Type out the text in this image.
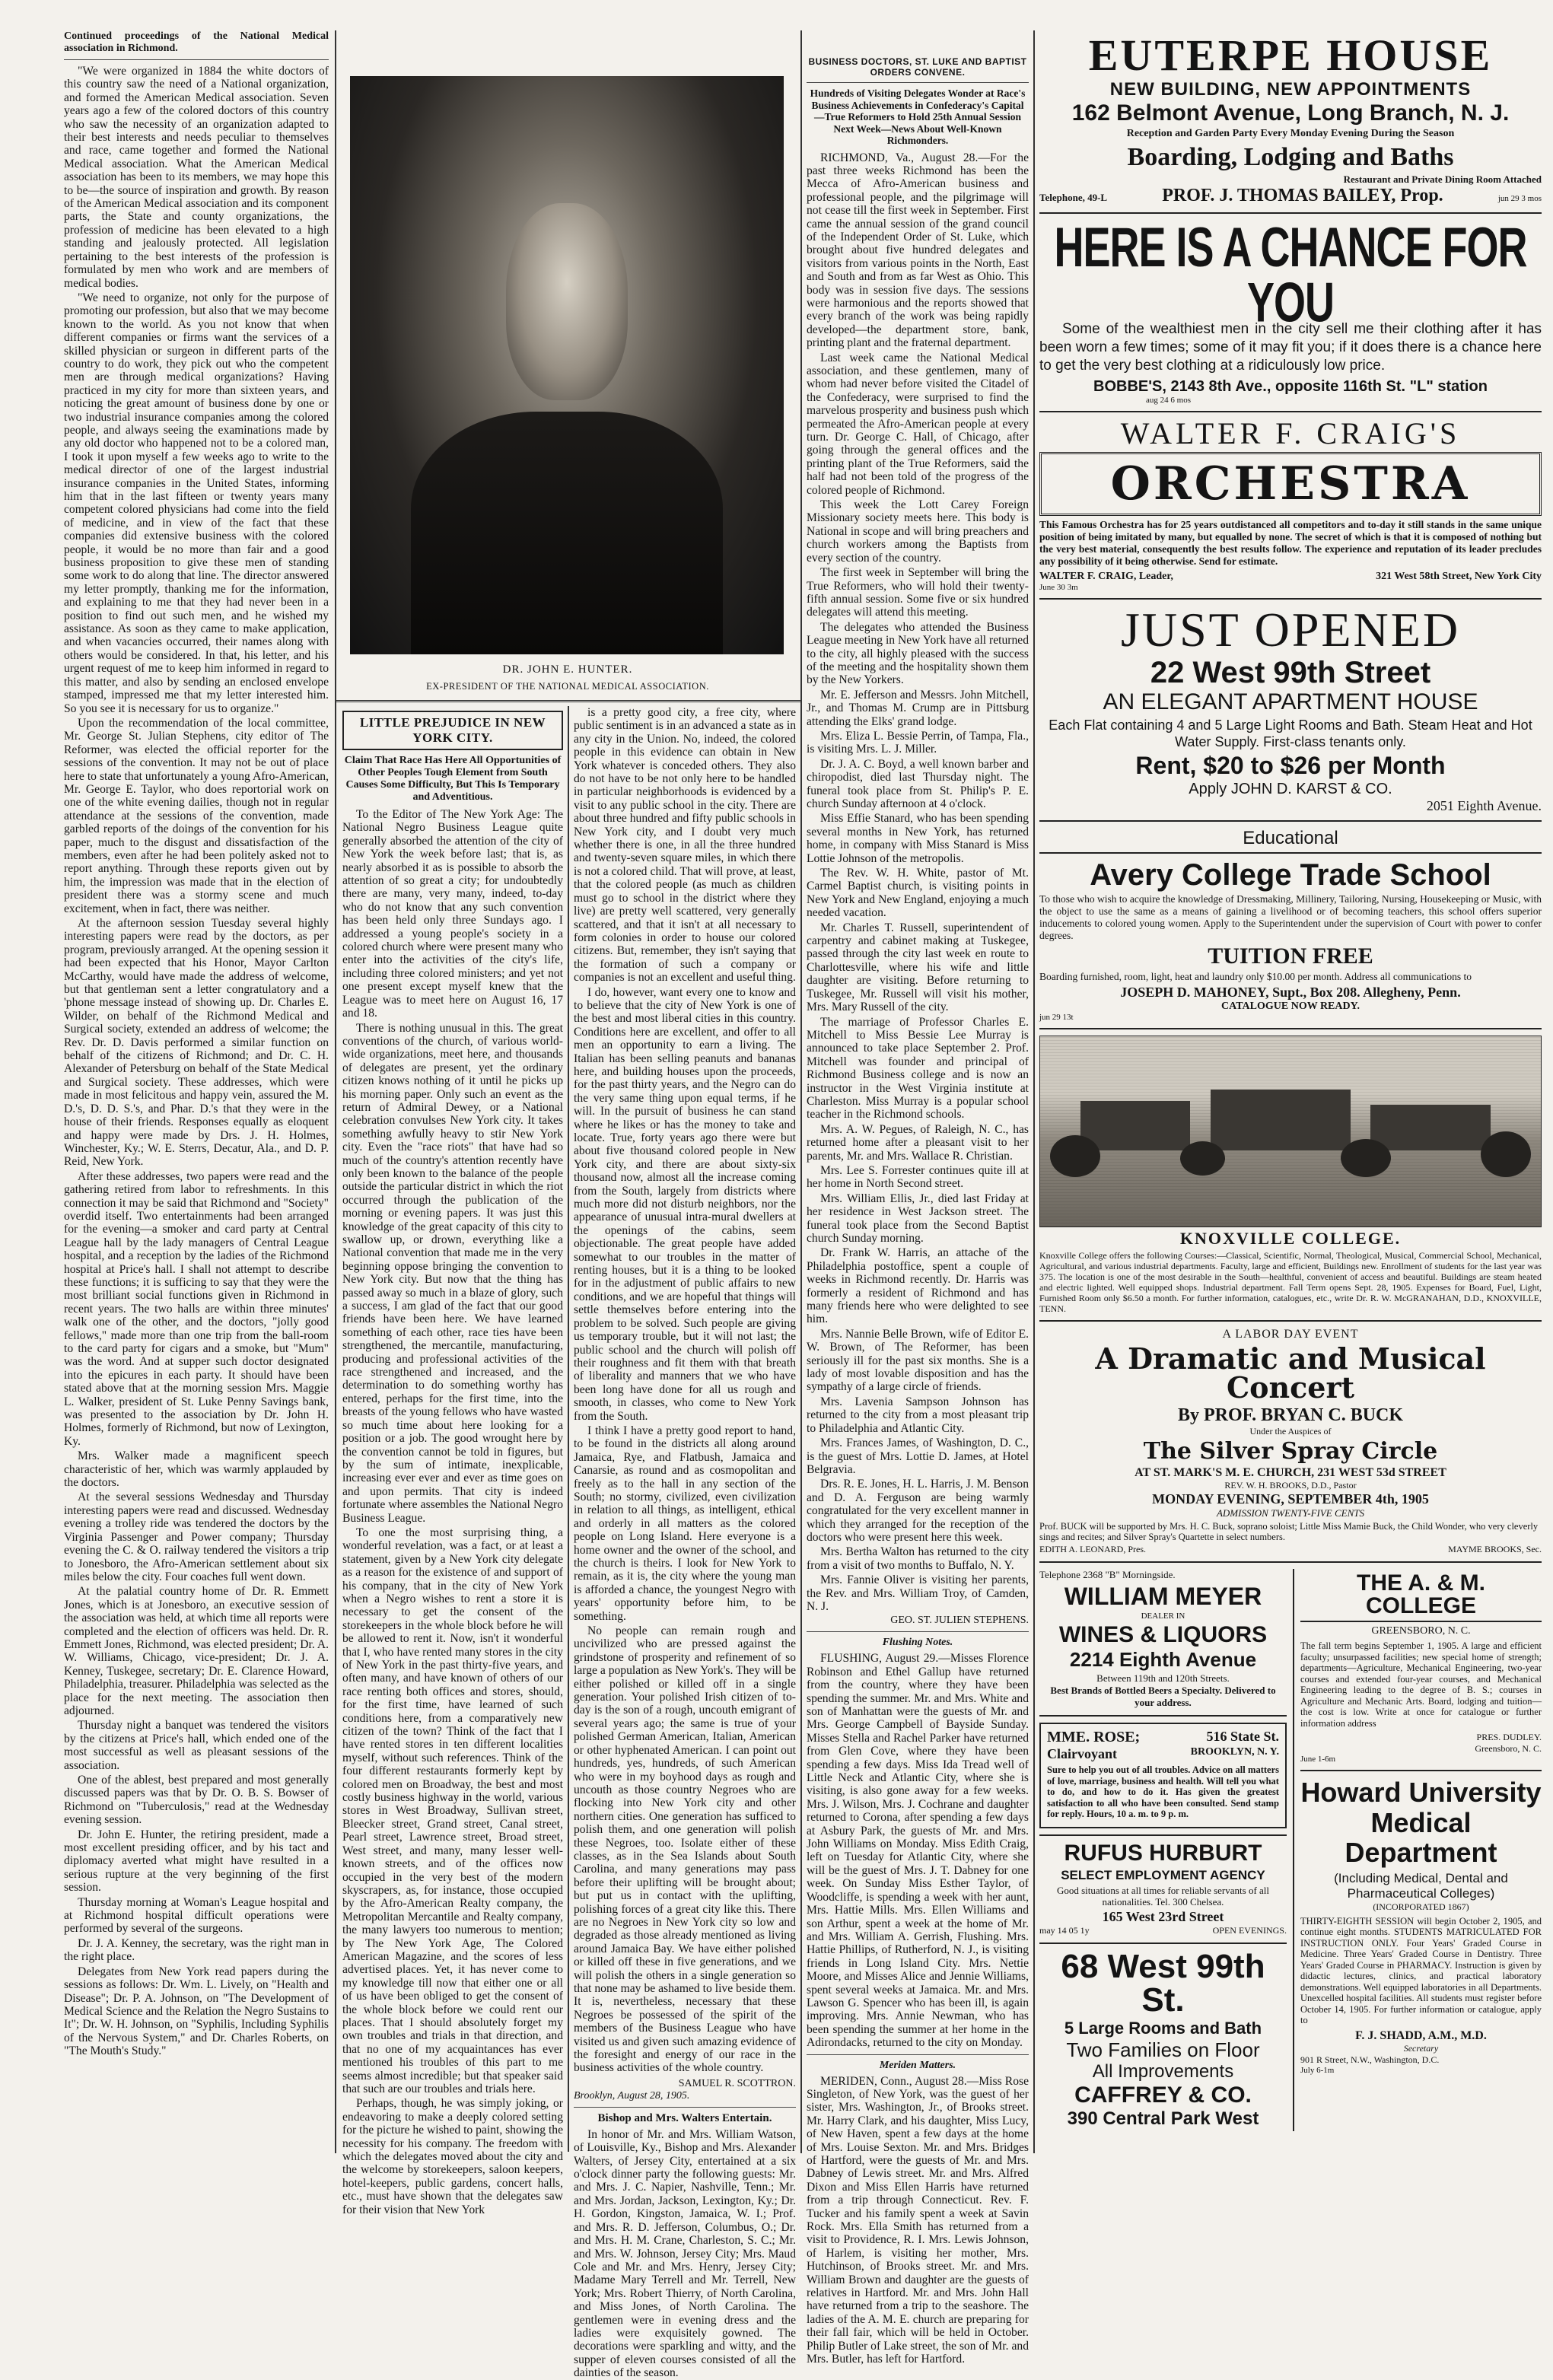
Continued proceedings of the National Medical association in Richmond.

"We were organized in 1884 the white doctors of this country saw the need of a National organization, and formed the American Medical association. Seven years ago a few of the colored doctors of this country who saw the necessity of an organization adapted to their best interests and needs peculiar to themselves and race, came together and formed the National Medical association. What the American Medical association has been to its members, we may hope this to be—the source of inspiration and growth. By reason of the American Medical association and its component parts, the State and county organizations, the profession of medicine has been elevated to a high standing and jealously protected. All legislation pertaining to the best interests of the profession is formulated by men who work and are members of medical bodies.

"We need to organize, not only for the purpose of promoting our profession, but also that we may become known to the world. As you not know that when different companies or firms want the services of a skilled physician or surgeon in different parts of the country to do work, they pick out who the competent men are through medical organizations? Having practiced in my city for more than sixteen years, and noticing the great amount of business done by one or two industrial insurance companies among the colored people, and always seeing the examinations made by any old doctor who happened not to be a colored man, I took it upon myself a few weeks ago to write to the medical director of one of the largest industrial insurance companies in the United States, informing him that in the last fifteen or twenty years many competent colored physicians had come into the field of medicine, and in view of the fact that these companies did extensive business with the colored people, it would be no more than fair and a good business proposition to give these men of standing some work to do along that line. The director answered my letter promptly, thanking me for the information, and explaining to me that they had never been in a position to find out such men, and he wished my assistance. As soon as they came to make application, and when vacancies occurred, their names along with others would be considered. In that, his letter, and his urgent request of me to keep him informed in regard to this matter, and also by sending an enclosed envelope stamped, impressed me that my letter interested him. So you see it is necessary for us to organize."

Upon the recommendation of the local committee, Mr. George St. Julian Stephens, city editor of The Reformer, was elected the official reporter for the sessions of the convention. It may not be out of place here to state that unfortunately a young Afro-American, Mr. George E. Taylor, who does reportorial work on one of the white evening dailies, though not in regular attendance at the sessions of the convention, made garbled reports of the doings of the convention for his paper, much to the disgust and dissatisfaction of the members, even after he had been politely asked not to report anything. Through these reports given out by him, the impression was made that in the election of president there was a stormy scene and much excitement, when in fact, there was neither.

At the afternoon session Tuesday several highly interesting papers were read by the doctors, as per program, previously arranged. At the opening session it had been expected that his Honor, Mayor Carlton McCarthy, would have made the address of welcome, but that gentleman sent a letter congratulatory and a 'phone message instead of showing up. Dr. Charles E. Wilder, on behalf of the Richmond Medical and Surgical society, extended an address of welcome; the Rev. Dr. D. Davis performed a similar function on behalf of the citizens of Richmond; and Dr. C. H. Alexander of Petersburg on behalf of the State Medical and Surgical society. These addresses, which were made in most felicitous and happy vein, assured the M. D.'s, D. D. S.'s, and Phar. D.'s that they were in the house of their friends. Responses equally as eloquent and happy were made by Drs. J. H. Holmes, Winchester, Ky.; W. E. Sterrs, Decatur, Ala., and D. P. Reid, New York.

After these addresses, two papers were read and the gathering retired from labor to refreshments. In this connection it may be said that Richmond and "Society" overdid itself. Two entertainments had been arranged for the evening—a smoker and card party at Central League hall by the lady managers of Central League hospital, and a reception by the ladies of the Richmond hospital at Price's hall. I shall not attempt to describe these functions; it is sufficing to say that they were the most brilliant social functions given in Richmond in recent years. The two halls are within three minutes' walk one of the other, and the doctors, "jolly good fellows," made more than one trip from the ball-room to the card party for cigars and a smoke, but "Mum" was the word. And at supper such doctor designated into the epicures in each party. It should have been stated above that at the morning session Mrs. Maggie L. Walker, president of St. Luke Penny Savings bank, was presented to the association by Dr. John H. Holmes, formerly of Richmond, but now of Lexington, Ky.

Mrs. Walker made a magnificent speech characteristic of her, which was warmly applauded by the doctors.

At the several sessions Wednesday and Thursday interesting papers were read and discussed. Wednesday evening a trolley ride was tendered the doctors by the Virginia Passenger and Power company; Thursday evening the C. & O. railway tendered the visitors a trip to Jonesboro, the Afro-American settlement about six miles below the city. Four coaches full went down.

At the palatial country home of Dr. R. Emmett Jones, which is at Jonesboro, an executive session of the association was held, at which time all reports were completed and the election of officers was held. Dr. R. Emmett Jones, Richmond, was elected president; Dr. A. W. Williams, Chicago, vice-president; Dr. J. A. Kenney, Tuskegee, secretary; Dr. E. Clarence Howard, Philadelphia, treasurer. Philadelphia was selected as the place for the next meeting. The association then adjourned.

Thursday night a banquet was tendered the visitors by the citizens at Price's hall, which ended one of the most successful as well as pleasant sessions of the association.

One of the ablest, best prepared and most generally discussed papers was that by Dr. O. B. S. Bowser of Richmond on "Tuberculosis," read at the Wednesday evening session.

Dr. John E. Hunter, the retiring president, made a most excellent presiding officer, and by his tact and diplomacy averted what might have resulted in a serious rupture at the very beginning of the first session.

Thursday morning at Woman's League hospital and at Richmond hospital difficult operations were performed by several of the surgeons.

Dr. J. A. Kenney, the secretary, was the right man in the right place.

Delegates from New York read papers during the sessions as follows: Dr. Wm. L. Lively, on "Health and Disease"; Dr. P. A. Johnson, on "The Development of Medical Science and the Relation the Negro Sustains to It"; Dr. W. H. Johnson, on "Syphilis, Including Syphilis of the Nervous System," and Dr. Charles Roberts, on "The Mouth's Study."

DR. JOHN E. HUNTER.
EX-PRESIDENT OF THE NATIONAL MEDICAL ASSOCIATION.
LITTLE PREJUDICE IN NEW YORK CITY.

Claim That Race Has Here All Opportunities of Other Peoples Tough Element from South Causes Some Difficulty, But This Is Temporary and Adventitious.

To the Editor of The New York Age: The National Negro Business League quite generally absorbed the attention of the city of New York the week before last; that is, as nearly absorbed it as is possible to absorb the attention of so great a city; for undoubtedly there are many, very many, indeed, to-day who do not know that any such convention has been held only three Sundays ago. I addressed a young people's society in a colored church where were present many who enter into the activities of the city's life, including three colored ministers; and yet not one present except myself knew that the League was to meet here on August 16, 17 and 18.

There is nothing unusual in this. The great conventions of the church, of various world-wide organizations, meet here, and thousands of delegates are present, yet the ordinary citizen knows nothing of it until he picks up his morning paper. Only such an event as the return of Admiral Dewey, or a National celebration convulses New York city. It takes something awfully heavy to stir New York city. Even the "race riots" that have had so much of the country's attention recently have only been known to the balance of the people outside the particular district in which the riot occurred through the publication of the morning or evening papers. It was just this knowledge of the great capacity of this city to swallow up, or drown, everything like a National convention that made me in the very beginning oppose bringing the convention to New York city. But now that the thing has passed away so much in a blaze of glory, such a success, I am glad of the fact that our good friends have been here. We have learned something of each other, race ties have been strengthened, the mercantile, manufacturing, producing and professional activities of the race strengthened and increased, and the determination to do something worthy has entered, perhaps for the first time, into the breasts of the young fellows who have wasted so much time about here looking for a position or a job. The good wrought here by the convention cannot be told in figures, but by the sum of intimate, inexplicable, increasing ever ever and ever as time goes on and upon permits. That city is indeed fortunate where assembles the National Negro Business League.

To one the most surprising thing, a wonderful revelation, was a fact, or at least a statement, given by a New York city delegate as a reason for the existence of and support of his company, that in the city of New York when a Negro wishes to rent a store it is necessary to get the consent of the storekeepers in the whole block before he will be allowed to rent it. Now, isn't it wonderful that I, who have rented many stores in the city of New York in the past thirty-five years, and often many, and have known of others of our race renting both offices and stores, should, for the first time, have learned of such conditions here, from a comparatively new citizen of the town? Think of the fact that I have rented stores in ten different localities myself, without such references. Think of the four different restaurants formerly kept by colored men on Broadway, the best and most costly business highway in the world, various stores in West Broadway, Sullivan street, Bleecker street, Grand street, Canal street, Pearl street, Lawrence street, Broad street, West street, and many, many lesser well-known streets, and of the offices now occupied in the very best of the modern skyscrapers, as, for instance, those occupied by the Afro-American Realty company, the Metropolitan Mercantile and Realty company, the many lawyers too numerous to mention; by The New York Age, The Colored American Magazine, and the scores of less advertised places. Yet, it has never come to my knowledge till now that either one or all of us have been obliged to get the consent of the whole block before we could rent our places. That I should absolutely forget my own troubles and trials in that direction, and that no one of my acquaintances has ever mentioned his troubles of this part to me seems almost incredible; but that speaker said that such are our troubles and trials here.

Perhaps, though, he was simply joking, or endeavoring to make a deeply colored setting for the picture he wished to paint, showing the necessity for his company. The freedom with which the delegates moved about the city and the welcome by storekeepers, saloon keepers, hotel-keepers, public gardens, concert halls, etc., must have shown that the delegates saw for their vision that New York

is a pretty good city, a free city, where public sentiment is in an advanced a state as in any city in the Union. No, indeed, the colored people in this evidence can obtain in New York whatever is conceded others. They also do not have to be not only here to be handled in particular neighborhoods is evidenced by a visit to any public school in the city. There are about three hundred and fifty public schools in New York city, and I doubt very much whether there is one, in all the three hundred and twenty-seven square miles, in which there is not a colored child. That will prove, at least, that the colored people (as much as children must go to school in the district where they live) are pretty well scattered, very generally scattered, and that it isn't at all necessary to form colonies in order to house our colored citizens. But, remember, they isn't saying that the formation of such a company or companies is not an excellent and useful thing.

I do, however, want every one to know and to believe that the city of New York is one of the best and most liberal cities in this country. Conditions here are excellent, and offer to all men an opportunity to earn a living. The Italian has been selling peanuts and bananas here, and building houses upon the proceeds, for the past thirty years, and the Negro can do the very same thing upon equal terms, if he will. In the pursuit of business he can stand where he likes or has the money to take and locate. True, forty years ago there were but about five thousand colored people in New York city, and there are about sixty-six thousand now, almost all the increase coming from the South, largely from districts where much more did not disturb neighbors, nor the appearance of unusual intra-mural dwellers at the openings of the cabins, seem objectionable. The great people have added somewhat to our troubles in the matter of renting houses, but it is a thing to be looked for in the adjustment of public affairs to new conditions, and we are hopeful that things will settle themselves before entering into the problem to be solved. Such people are giving us temporary trouble, but it will not last; the public school and the church will polish off their roughness and fit them with that breath of liberality and manners that we who have been long have done for all us rough and smooth, in classes, who come to New York from the South.

I think I have a pretty good report to hand, to be found in the districts all along around Jamaica, Rye, and Flatbush, Jamaica and Canarsie, as round and as cosmopolitan and freely as to the hall in any section of the South; no stormy, civilized, even civilization in relation to all things, as intelligent, ethical and orderly in all matters as the colored people on Long Island. Here everyone is a home owner and the owner of the school, and the church is theirs. I look for New York to remain, as it is, the city where the young man is afforded a chance, the youngest Negro with years' opportunity before him, to be something.

No people can remain rough and uncivilized who are pressed against the grindstone of prosperity and refinement of so large a population as New York's. They will be either polished or killed off in a single generation. Your polished Irish citizen of to-day is the son of a rough, uncouth emigrant of several years ago; the same is true of your polished German American, Italian, American or other hyphenated American. I can point out hundreds, yes, hundreds, of such American who were in my boyhood days as rough and uncouth as those country Negroes who are flocking into New York city and other northern cities. One generation has sufficed to polish them, and one generation will polish these Negroes, too. Isolate either of these classes, as in the Sea Islands about South Carolina, and many generations may pass before their uplifting will be brought about; but put us in contact with the uplifting, polishing forces of a great city like this. There are no Negroes in New York city so low and degraded as those already mentioned as living around Jamaica Bay. We have either polished or killed off these in five generations, and we will polish the others in a single generation so that none may be ashamed to live beside them. It is, nevertheless, necessary that these Negroes be possessed of the spirit of the members of the Business League who have visited us and given such amazing evidence of the foresight and energy of our race in the business activities of the whole country.

SAMUEL R. SCOTTRON.
Brooklyn, August 28, 1905.
Bishop and Mrs. Walters Entertain.

In honor of Mr. and Mrs. William Watson, of Louisville, Ky., Bishop and Mrs. Alexander Walters, of Jersey City, entertained at a six o'clock dinner party the following guests: Mr. and Mrs. J. C. Napier, Nashville, Tenn.; Mr. and Mrs. Jordan, Jackson, Lexington, Ky.; Dr. H. Gordon, Kingston, Jamaica, W. I.; Prof. and Mrs. R. D. Jefferson, Columbus, O.; Dr. and Mrs. H. M. Crane, Charleston, S. C.; Mr. and Mrs. W. Johnson, Jersey City; Mrs. Maud Cole and Mr. and Mrs. Henry, Jersey City; Madame Mary Terrell and Mr. Terrell, New York; Mrs. Robert Thierry, of North Carolina, and Miss Jones, of North Carolina. The gentlemen were in evening dress and the ladies were exquisitely gowned. The decorations were sparkling and witty, and the supper of eleven courses consisted of all the dainties of the season.

BUSINESS DOCTORS, ST. LUKE AND BAPTIST ORDERS CONVENE.

Hundreds of Visiting Delegates Wonder at Race's Business Achievements in Confederacy's Capital—True Reformers to Hold 25th Annual Session Next Week—News About Well-Known Richmonders.

RICHMOND, Va., August 28.—For the past three weeks Richmond has been the Mecca of Afro-American business and professional people, and the pilgrimage will not cease till the first week in September. First came the annual session of the grand council of the Independent Order of St. Luke, which brought about five hundred delegates and visitors from various points in the North, East and South and from as far West as Ohio. This body was in session five days. The sessions were harmonious and the reports showed that every branch of the work was being rapidly developed—the department store, bank, printing plant and the fraternal department.

Last week came the National Medical association, and these gentlemen, many of whom had never before visited the Citadel of the Confederacy, were surprised to find the marvelous prosperity and business push which permeated the Afro-American people at every turn. Dr. George C. Hall, of Chicago, after going through the general offices and the printing plant of the True Reformers, said the half had not been told of the progress of the colored people of Richmond.

This week the Lott Carey Foreign Missionary society meets here. This body is National in scope and will bring preachers and church workers among the Baptists from every section of the country.

The first week in September will bring the True Reformers, who will hold their twenty-fifth annual session. Some five or six hundred delegates will attend this meeting.

The delegates who attended the Business League meeting in New York have all returned to the city, all highly pleased with the success of the meeting and the hospitality shown them by the New Yorkers.

Mr. E. Jefferson and Messrs. John Mitchell, Jr., and Thomas M. Crump are in Pittsburg attending the Elks' grand lodge.

Mrs. Eliza L. Bessie Perrin, of Tampa, Fla., is visiting Mrs. L. J. Miller.

Dr. J. A. C. Boyd, a well known barber and chiropodist, died last Thursday night. The funeral took place from St. Philip's P. E. church Sunday afternoon at 4 o'clock.

Miss Effie Stanard, who has been spending several months in New York, has returned home, in company with Miss Stanard is Miss Lottie Johnson of the metropolis.

The Rev. W. H. White, pastor of Mt. Carmel Baptist church, is visiting points in New York and New England, enjoying a much needed vacation.

Mr. Charles T. Russell, superintendent of carpentry and cabinet making at Tuskegee, passed through the city last week en route to Charlottesville, where his wife and little daughter are visiting. Before returning to Tuskegee, Mr. Russell will visit his mother, Mrs. Mary Russell of the city.

The marriage of Professor Charles E. Mitchell to Miss Bessie Lee Murray is announced to take place September 2. Prof. Mitchell was founder and principal of Richmond Business college and is now an instructor in the West Virginia institute at Charleston. Miss Murray is a popular school teacher in the Richmond schools.

Mrs. A. W. Pegues, of Raleigh, N. C., has returned home after a pleasant visit to her parents, Mr. and Mrs. Wallace R. Christian.

Mrs. Lee S. Forrester continues quite ill at her home in North Second street.

Mrs. William Ellis, Jr., died last Friday at her residence in West Jackson street. The funeral took place from the Second Baptist church Sunday morning.

Dr. Frank W. Harris, an attache of the Philadelphia postoffice, spent a couple of weeks in Richmond recently. Dr. Harris was formerly a resident of Richmond and has many friends here who were delighted to see him.

Mrs. Nannie Belle Brown, wife of Editor E. W. Brown, of The Reformer, has been seriously ill for the past six months. She is a lady of most lovable disposition and has the sympathy of a large circle of friends.

Mrs. Lavenia Sampson Johnson has returned to the city from a most pleasant trip to Philadelphia and Atlantic City.

Mrs. Frances James, of Washington, D. C., is the guest of Mrs. Lottie D. James, at Hotel Belgravia.

Drs. R. E. Jones, H. L. Harris, J. M. Benson and D. A. Ferguson are being warmly congratulated for the very excellent manner in which they arranged for the reception of the doctors who were present here this week.

Mrs. Bertha Walton has returned to the city from a visit of two months to Buffalo, N. Y.

Mrs. Fannie Oliver is visiting her parents, the Rev. and Mrs. William Troy, of Camden, N. J.

GEO. ST. JULIEN STEPHENS.
Flushing Notes.

FLUSHING, August 29.—Misses Florence Robinson and Ethel Gallup have returned from the country, where they have been spending the summer. Mr. and Mrs. White and son of Manhattan were the guests of Mr. and Mrs. George Campbell of Bayside Sunday. Misses Stella and Rachel Parker have returned from Glen Cove, where they have been spending a few days. Miss Ida Tread well of Little Neck and Atlantic City, where she is visiting, is also gone away for a few weeks. Mrs. J. Wilson, Mrs. J. Cochrane and daughter returned to Corona, after spending a few days at Asbury Park, the guests of Mr. and Mrs. John Williams on Monday. Miss Edith Craig, left on Tuesday for Atlantic City, where she will be the guest of Mrs. J. T. Dabney for one week. On Sunday Miss Esther Taylor, of Woodcliffe, is spending a week with her aunt, Mrs. Hattie Mills. Mrs. Ellen Williams and son Arthur, spent a week at the home of Mr. and Mrs. William A. Gerrish, Flushing. Mrs. Hattie Phillips, of Rutherford, N. J., is visiting friends in Long Island City. Mrs. Nettie Moore, and Misses Alice and Jennie Williams, spent several weeks at Jamaica. Mr. and Mrs. Lawson G. Spencer who has been ill, is again improving. Mrs. Annie Newman, who has been spending the summer at her home in the Adirondacks, returned to the city on Monday.

Meriden Matters.

MERIDEN, Conn., August 28.—Miss Rose Singleton, of New York, was the guest of her sister, Mrs. Washington, Jr., of Brooks street. Mr. Harry Clark, and his daughter, Miss Lucy, of New Haven, spent a few days at the home of Mrs. Louise Sexton. Mr. and Mrs. Bridges of Hartford, were the guests of Mr. and Mrs. Dabney of Lewis street. Mr. and Mrs. Alfred Dixon and Miss Ellen Harris have returned from a trip through Connecticut. Rev. F. Tucker and his family spent a week at Savin Rock. Mrs. Ella Smith has returned from a visit to Providence, R. I. Mrs. Lewis Johnson, of Harlem, is visiting her mother, Mrs. Hutchinson, of Brooks street. Mr. and Mrs. William Brown and daughter are the guests of relatives in Hartford. Mr. and Mrs. John Hall have returned from a trip to the seashore. The ladies of the A. M. E. church are preparing for their fall fair, which will be held in October. Philip Butler of Lake street, the son of Mr. and Mrs. Butler, has left for Hartford.

EUTERPE HOUSE
NEW BUILDING, NEW APPOINTMENTS
162 Belmont Avenue, Long Branch, N. J.
Reception and Garden Party Every Monday Evening During the Season
Boarding, Lodging and Baths
Restaurant and Private Dining Room Attached
Telephone, 49-L	PROF. J. THOMAS BAILEY, Prop.	jun 29 3 mos
HERE IS A CHANCE FOR YOU

Some of the wealthiest men in the city sell me their clothing after it has been worn a few times; some of it may fit you; if it does there is a chance here to get the very best clothing at a ridiculously low price.

BOBBE'S, 2143 8th Ave., opposite 116th St. "L" station
aug 24 6 mos
WALTER F. CRAIG'S
ORCHESTRA

This Famous Orchestra has for 25 years outdistanced all competitors and to-day it still stands in the same unique position of being imitated by many, but equalled by none. The secret of which is that it is composed of nothing but the very best material, consequently the best results follow. The experience and reputation of its leader precludes any possibility of it being otherwise. Send for estimate.

WALTER F. CRAIG, Leader,	321 West 58th Street, New York City
June 30 3m
JUST OPENED
22 West 99th Street
AN ELEGANT APARTMENT HOUSE

Each Flat containing 4 and 5 Large Light Rooms and Bath. Steam Heat and Hot Water Supply. First-class tenants only.

Rent, $20 to $26 per Month
Apply JOHN D. KARST & CO.
2051 Eighth Avenue.
Educational
Avery College Trade School

To those who wish to acquire the knowledge of Dressmaking, Millinery, Tailoring, Nursing, Housekeeping or Music, with the object to use the same as a means of gaining a livelihood or of becoming teachers, this school offers superior inducements to colored young women. Apply to the Superintendent under the supervision of Court with power to confer degrees.

TUITION FREE

Boarding furnished, room, light, heat and laundry only $10.00 per month. Address all communications to

JOSEPH D. MAHONEY, Supt., Box 208. Allegheny, Penn.
CATALOGUE NOW READY.
jun 29 13t
KNOXVILLE COLLEGE.

Knoxville College offers the following Courses:—Classical, Scientific, Normal, Theological, Musical, Commercial School, Mechanical, Agricultural, and various industrial departments. Faculty, large and efficient, Buildings new. Enrollment of students for the last year was 375. The location is one of the most desirable in the South—healthful, convenient of access and beautiful. Buildings are steam heated and electric lighted. Well equipped shops. Industrial department. Fall Term opens Sept. 28, 1905. Expenses for Board, Fuel, Light, Furnished Room only $6.50 a month. For further information, catalogues, etc., write Dr. R. W. McGRANAHAN, D.D., KNOXVILLE, TENN.

A LABOR DAY EVENT
A Dramatic and Musical Concert
By PROF. BRYAN C. BUCK
Under the Auspices of
The Silver Spray Circle
AT ST. MARK'S M. E. CHURCH, 231 WEST 53d STREET
REV. W. H. BROOKS, D.D., Pastor
MONDAY EVENING, SEPTEMBER 4th, 1905
ADMISSION TWENTY-FIVE CENTS

Prof. BUCK will be supported by Mrs. H. C. Buck, soprano soloist; Little Miss Mamie Buck, the Child Wonder, who very cleverly sings and recites; and Silver Spray's Quartette in select numbers.

EDITH A. LEONARD, Pres.	MAYME BROOKS, Sec.
Telephone 2368 "B" Morningside.
WILLIAM MEYER
DEALER IN
WINES & LIQUORS
2214 Eighth Avenue
Between 119th and 120th Streets.
Best Brands of Bottled Beers a Specialty. Delivered to your address.
MME. ROSE;	516 State St.
Clairvoyant	BROOKLYN, N. Y.

Sure to help you out of all troubles. Advice on all matters of love, marriage, business and health. Will tell you what to do, and how to do it. Has given the greatest satisfaction to all who have been consulted. Send stamp for reply. Hours, 10 a. m. to 9 p. m.

RUFUS HURBURT
SELECT EMPLOYMENT AGENCY

Good situations at all times for reliable servants of all nationalities. Tel. 300 Chelsea.

165 West 23rd Street
may 14 05 1y	OPEN EVENINGS.
68 West 99th St.
5 Large Rooms and Bath
Two Families on Floor
All Improvements
CAFFREY & CO.
390 Central Park West
THE A. & M. COLLEGE
GREENSBORO, N. C.

The fall term begins September 1, 1905. A large and efficient faculty; unsurpassed facilities; new special home of strength; departments—Agriculture, Mechanical Engineering, two-year courses and extended four-year courses, and Mechanical Engineering leading to the degree of B. S.; courses in Agriculture and Mechanic Arts. Board, lodging and tuition—the cost is low. Write at once for catalogue or further information address

PRES. DUDLEY.
Greensboro, N. C.
June 1-6m
Howard University Medical Department
(Including Medical, Dental and Pharmaceutical Colleges)
(INCORPORATED 1867)

THIRTY-EIGHTH SESSION will begin October 2, 1905, and continue eight months. STUDENTS MATRICULATED FOR INSTRUCTION ONLY. Four Years' Graded Course in Medicine. Three Years' Graded Course in Dentistry. Three Years' Graded Course in PHARMACY. Instruction is given by didactic lectures, clinics, and practical laboratory demonstrations. Well equipped laboratories in all Departments. Unexcelled hospital facilities. All students must register before October 14, 1905. For further information or catalogue, apply to

F. J. SHADD, A.M., M.D.
Secretary
901 R Street, N.W., Washington, D.C.
July 6-1m
